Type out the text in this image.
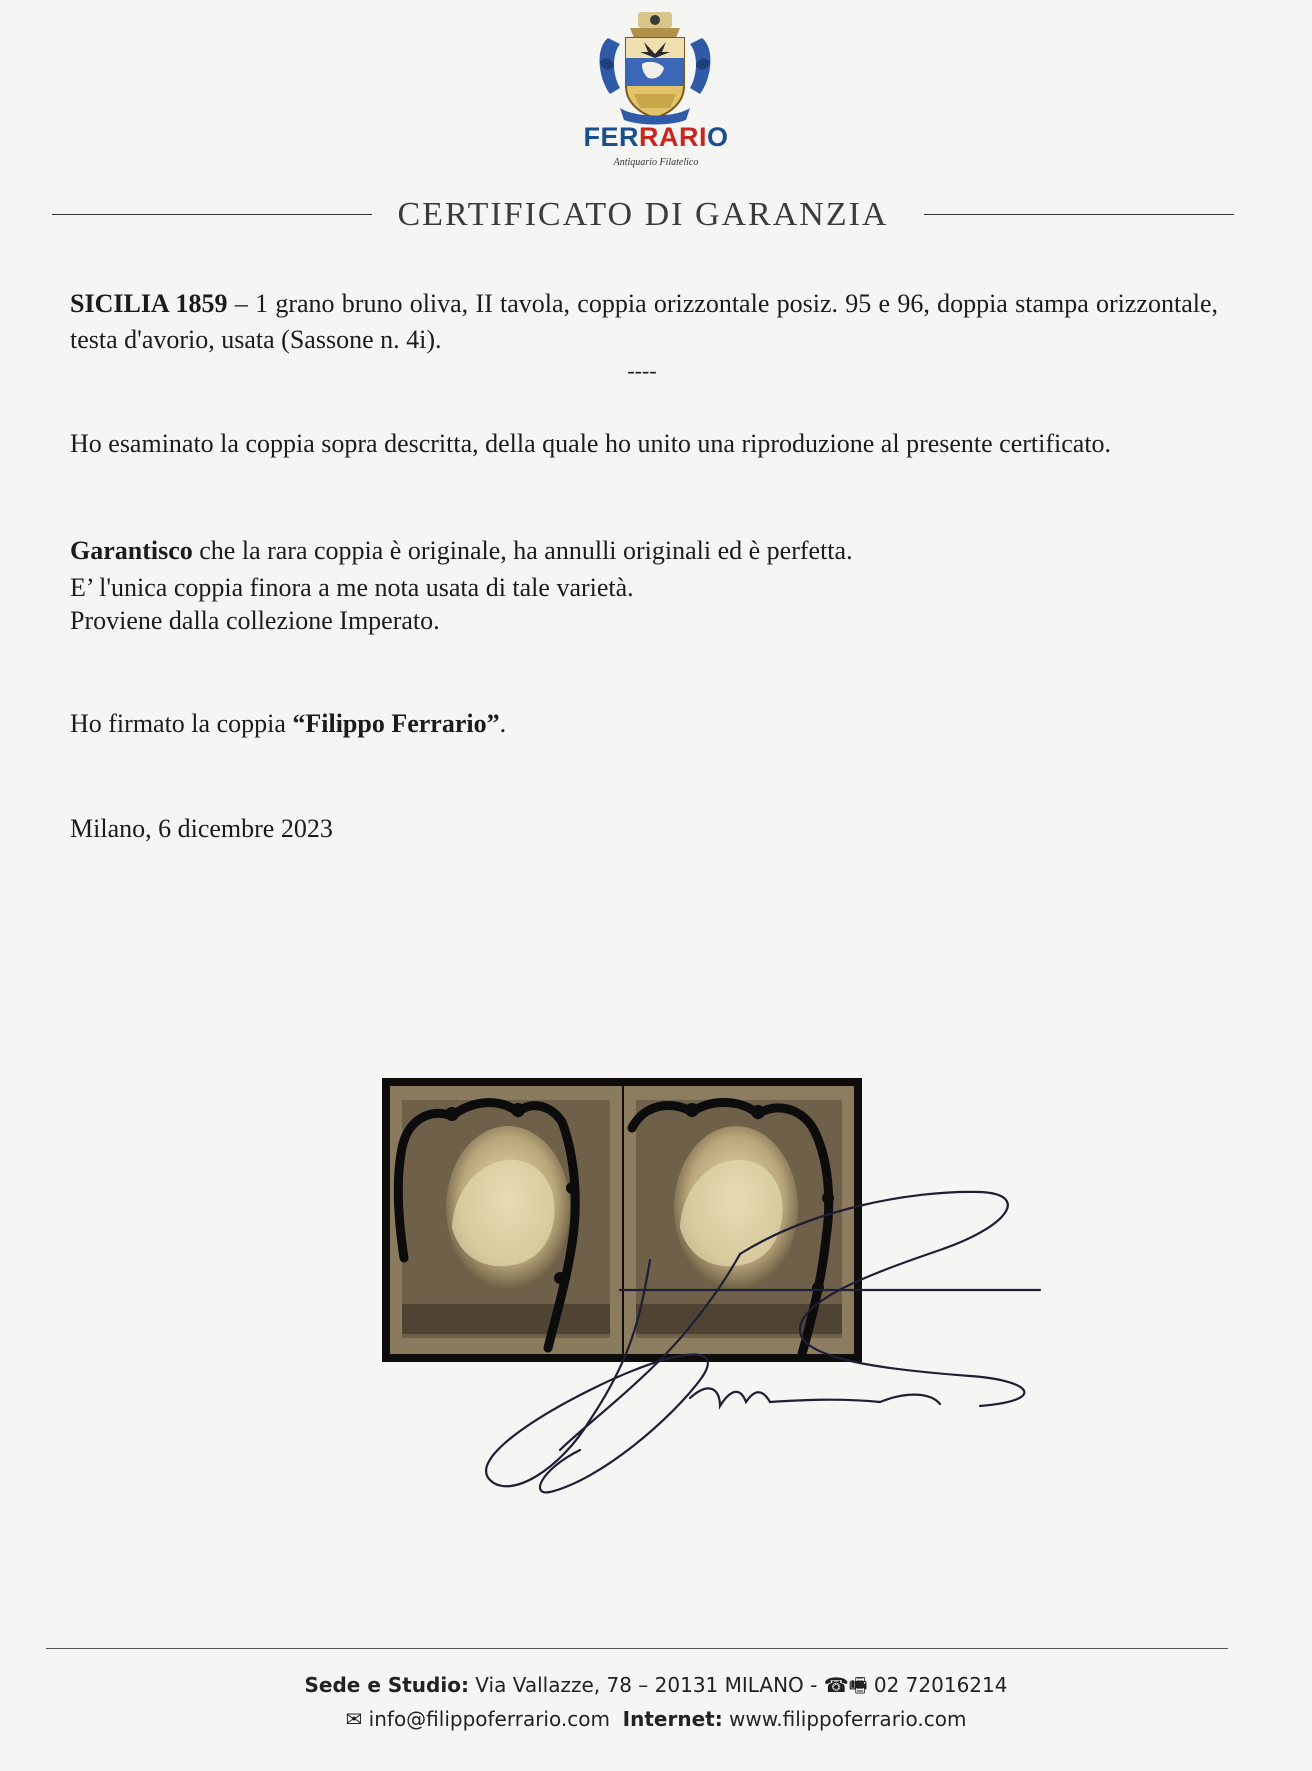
FERRARIO
Antiquario Filatelico
CERTIFICATO DI GARANZIA
SICILIA 1859 – 1 grano bruno oliva, II tavola, coppia orizzontale posiz. 95 e 96, doppia stampa orizzontale, testa d'avorio, usata (Sassone n. 4i).
----
Ho esaminato la coppia sopra descritta, della quale ho unito una riproduzione al presente certificato.
Garantisco che la rara coppia è originale, ha annulli originali ed è perfetta.
E’ l'unica coppia finora a me nota usata di tale varietà.
Proviene dalla collezione Imperato.
Ho firmato la coppia “Filippo Ferrario”.
Milano, 6 dicembre 2023
Sede e Studio: Via Vallazze, 78 – 20131 MILANO - ☎🖷 02 72016214
✉ info@filippoferrario.com Internet: www.filippoferrario.com
